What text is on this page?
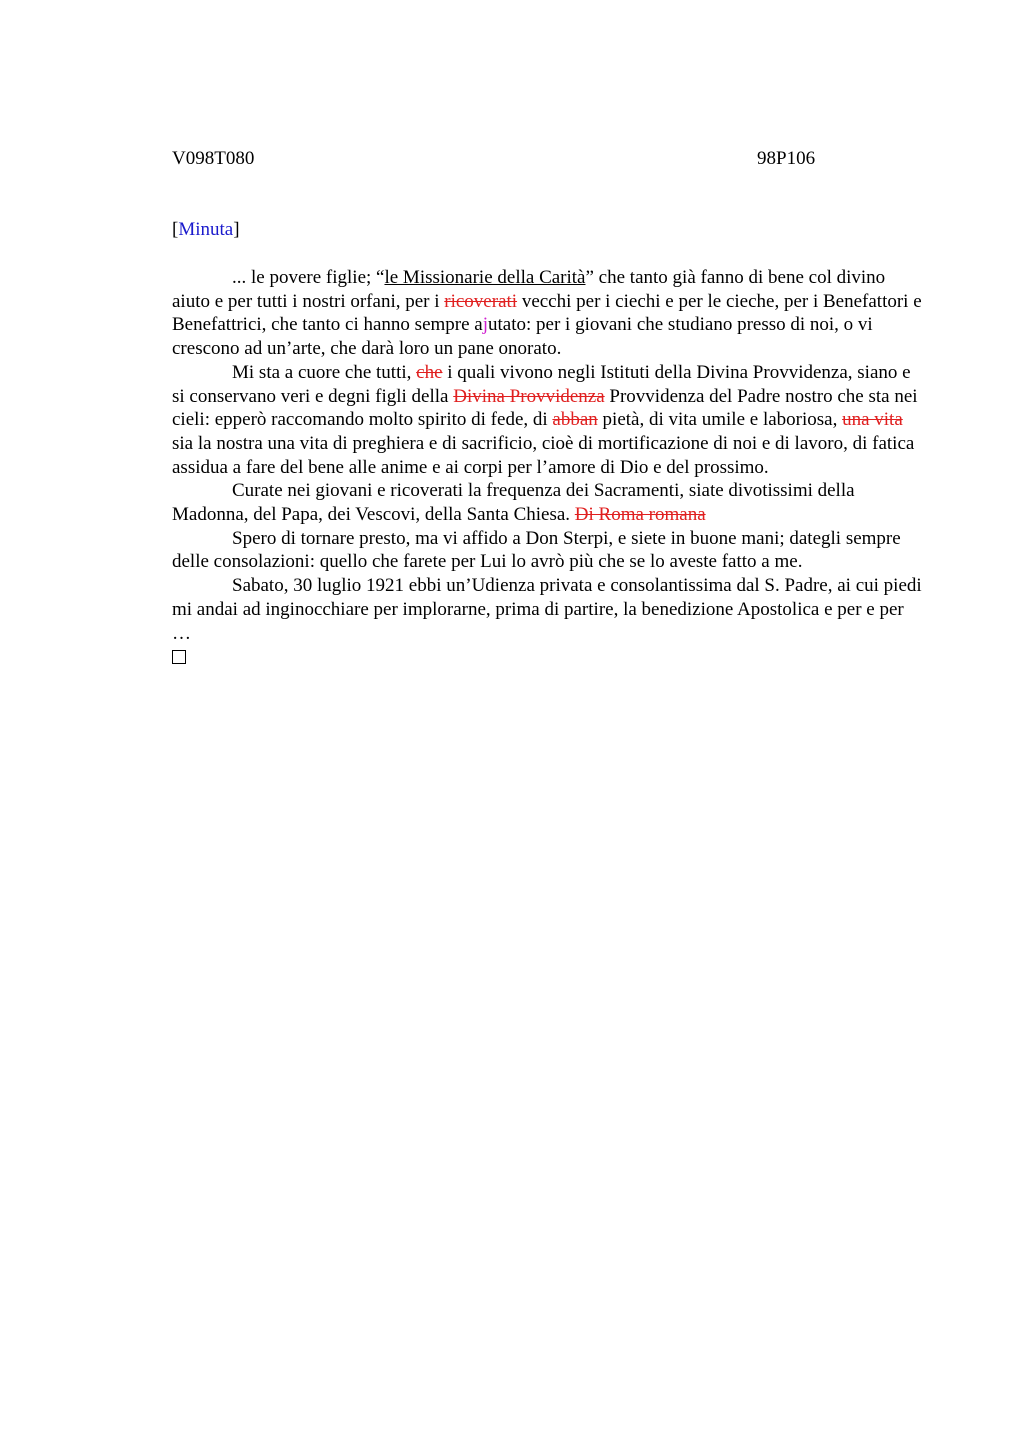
V098T080	98P106
[Minuta]

... le povere figlie; “le Missionarie della Carità” che tanto già fanno di bene col divino aiuto e per tutti i nostri orfani, per i ricoverati vecchi per i ciechi e per le cieche, per i Benefattori e Benefattrici, che tanto ci hanno sempre ajutato: per i giovani che studiano presso di noi, o vi crescono ad un’arte, che darà loro un pane onorato.

Mi sta a cuore che tutti, che i quali vivono negli Istituti della Divina Provvidenza, siano e si conservano veri e degni figli della Divina Provvidenza Provvidenza del Padre nostro che sta nei cieli: epperò raccomando molto spirito di fede, di abban pietà, di vita umile e laboriosa, una vita sia la nostra una vita di preghiera e di sacrificio, cioè di mortificazione di noi e di lavoro, di fatica assidua a fare del bene alle anime e ai corpi per l’amore di Dio e del prossimo.

Curate nei giovani e ricoverati la frequenza dei Sacramenti, siate divotissimi della Madonna, del Papa, dei Vescovi, della Santa Chiesa. Di Roma romana

Spero di tornare presto, ma vi affido a Don Sterpi, e siete in buone mani; dategli sempre delle consolazioni: quello che farete per Lui lo avrò più che se lo aveste fatto a me.

Sabato, 30 luglio 1921 ebbi un’Udienza privata e consolantissima dal S. Padre, ai cui piedi mi andai ad inginocchiare per implorarne, prima di partire, la benedizione Apostolica e per e per …
